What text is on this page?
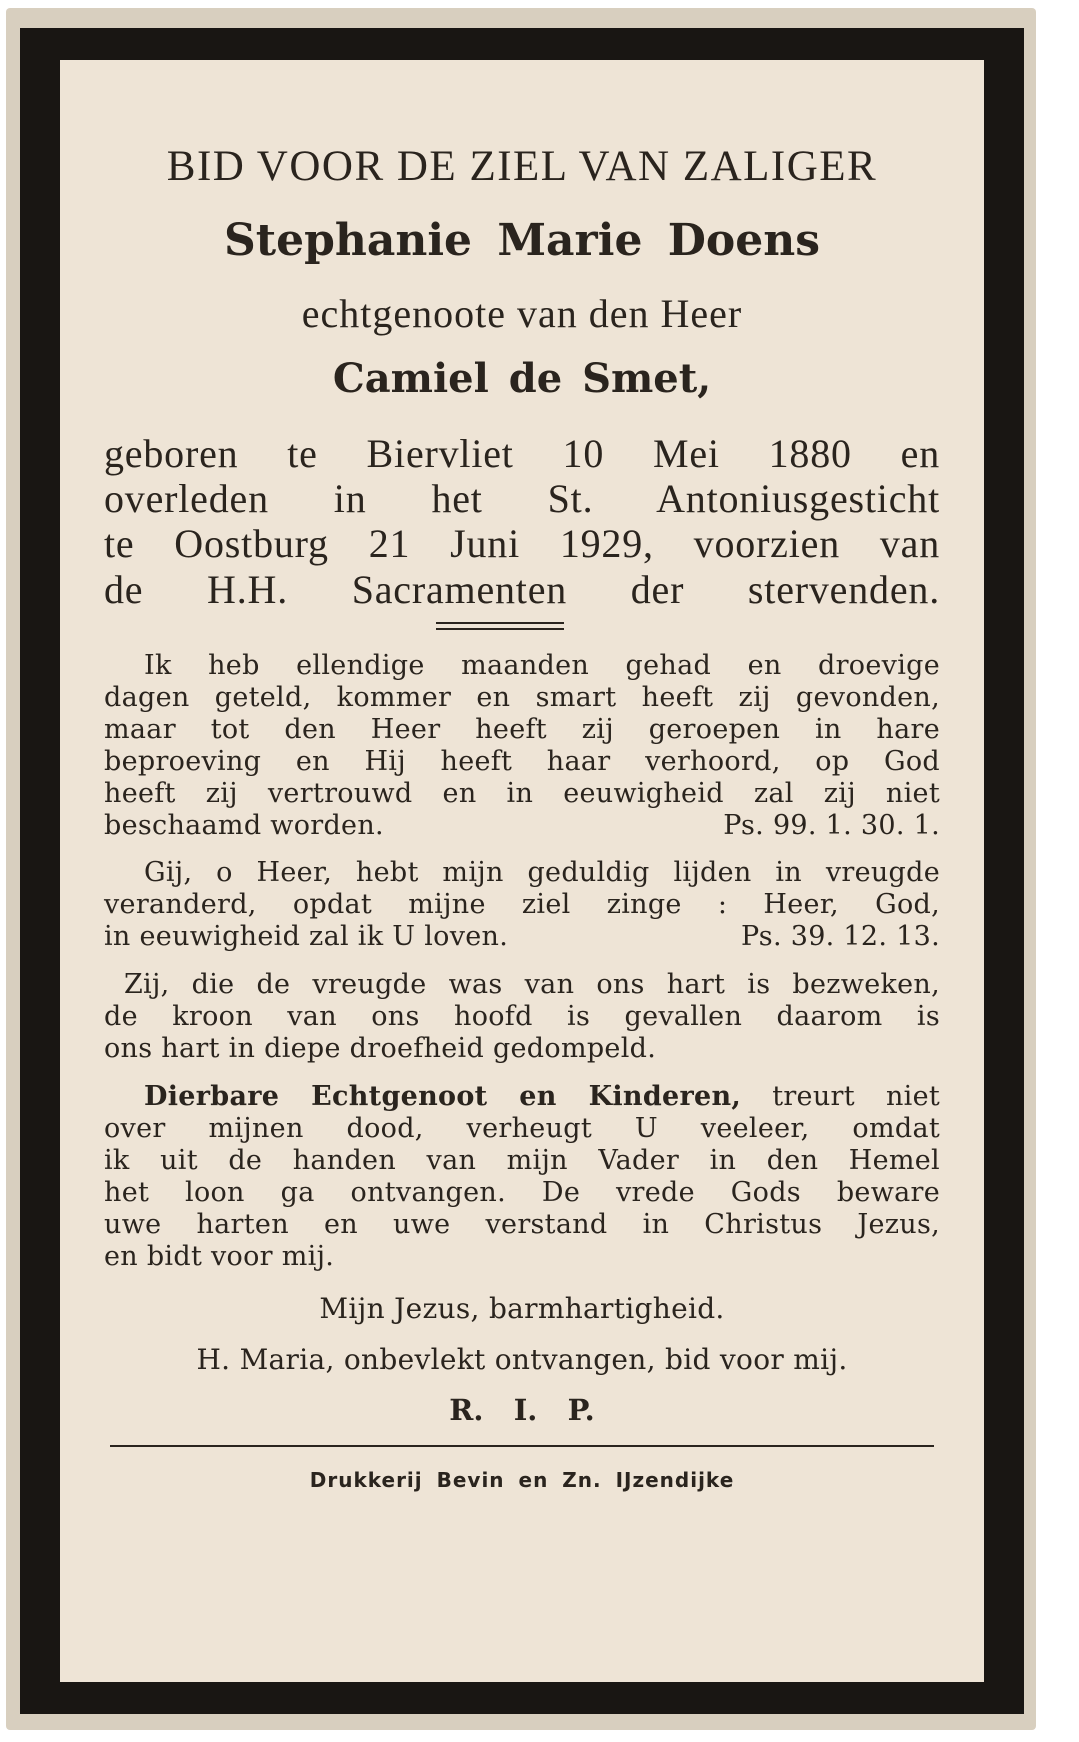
BID VOOR DE ZIEL VAN ZALIGER
Stephanie Marie Doens
echtgenoote van den Heer
Camiel de Smet,
geboren te Biervliet 10 Mei 1880 en
overleden in het St. Antoniusgesticht
te Oostburg 21 Juni 1929, voorzien van
de H.H. Sacramenten der stervenden.
Ik heb ellendige maanden gehad en droevige
dagen geteld, kommer en smart heeft zij gevonden,
maar tot den Heer heeft zij geroepen in hare
beproeving en Hij heeft haar verhoord, op God
heeft zij vertrouwd en in eeuwigheid zal zij niet
beschaamd worden.	Ps. 99. 1. 30. 1.
Gij, o Heer, hebt mijn geduldig lijden in vreugde
veranderd, opdat mijne ziel zinge : Heer, God,
in eeuwigheid zal ik U loven.	Ps. 39. 12. 13.
Zij, die de vreugde was van ons hart is bezweken,
de kroon van ons hoofd is gevallen daarom is
ons hart in diepe droefheid gedompeld.
Dierbare Echtgenoot en Kinderen, treurt niet
over mijnen dood, verheugt U veeleer, omdat
ik uit de handen van mijn Vader in den Hemel
het loon ga ontvangen. De vrede Gods beware
uwe harten en uwe verstand in Christus Jezus,
en bidt voor mij.
Mijn Jezus, barmhartigheid.
H. Maria, onbevlekt ontvangen, bid voor mij.
R.   I.   P.
Drukkerij Bevin en Zn. IJzendijke
